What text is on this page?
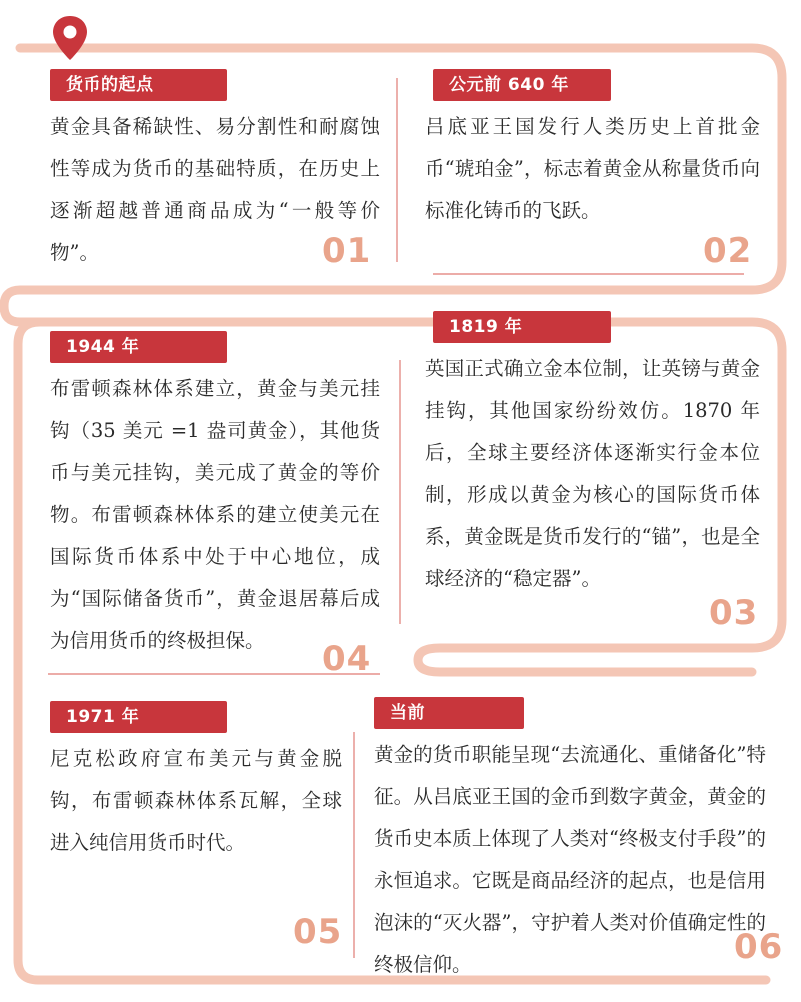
货币的起点
黄金具备稀缺性、易分割性和耐腐蚀性等成为货币的基础特质，在历史上逐渐超越普通商品成为“一般等价物”。	01
公元前 640 年
吕底亚王国发行人类历史上首批金币“琥珀金”，标志着黄金从称量货币向标准化铸币的飞跃。
02
1819 年
英国正式确立金本位制，让英镑与黄金挂钩，其他国家纷纷效仿。1870 年后，全球主要经济体逐渐实行金本位制，形成以黄金为核心的国际货币体系，黄金既是货币发行的“锚”，也是全球经济的“稳定器”。
03
1944 年
布雷顿森林体系建立，黄金与美元挂钩（35 美元 =1 盎司黄金），其他货币与美元挂钩，美元成了黄金的等价物。布雷顿森林体系的建立使美元在国际货币体系中处于中心地位，成为“国际储备货币”，黄金退居幕后成为信用货币的终极担保。	04
1971 年
尼克松政府宣布美元与黄金脱钩，布雷顿森林体系瓦解，全球进入纯信用货币时代。
05
当前
黄金的货币职能呈现“去流通化、重储备化”特征。从吕底亚王国的金币到数字黄金，黄金的货币史本质上体现了人类对“终极支付手段”的永恒追求。它既是商品经济的起点，也是信用泡沫的“灭火器”，守护着人类对价值确定性的终极信仰。	06
